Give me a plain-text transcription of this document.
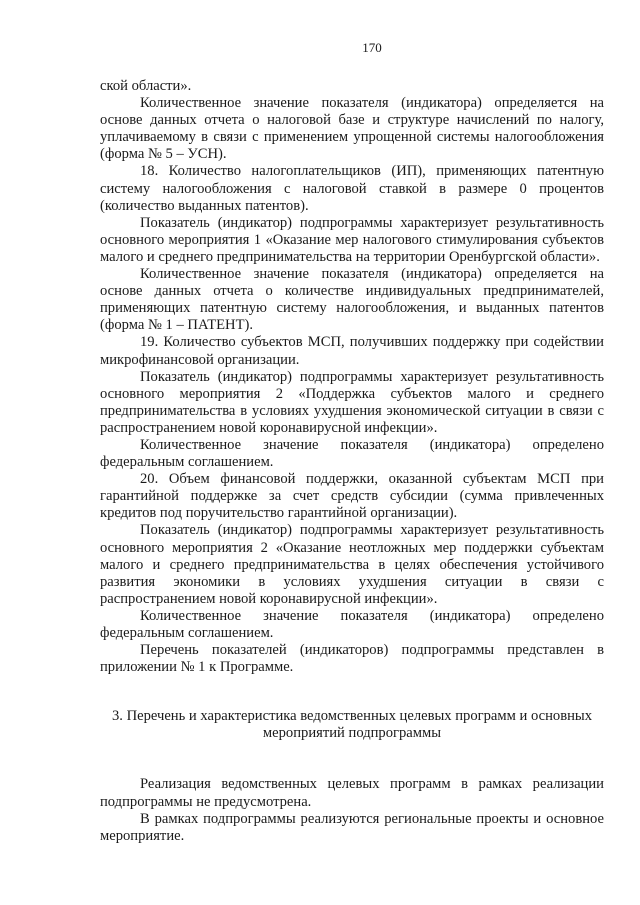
170

ской области».

Количественное значение показателя (индикатора) определяется на основе данных отчета о налоговой базе и структуре начислений по налогу, уплачиваемому в связи с применением упрощенной системы налогообложения (форма № 5 – УСН).

18. Количество налогоплательщиков (ИП), применяющих патентную систему налогообложения с налоговой ставкой в размере 0 процентов (количество выданных патентов).

Показатель (индикатор) подпрограммы характеризует результативность основного мероприятия 1 «Оказание мер налогового стимулирования субъектов малого и среднего предпринимательства на территории Оренбургской области».

Количественное значение показателя (индикатора) определяется на основе данных отчета о количестве индивидуальных предпринимателей, применяющих патентную систему налогообложения, и выданных патентов (форма № 1 – ПАТЕНТ).

19. Количество субъектов МСП, получивших поддержку при содействии микрофинансовой организации.

Показатель (индикатор) подпрограммы характеризует результативность основного мероприятия 2 «Поддержка субъектов малого и среднего предпринимательства в условиях ухудшения экономической ситуации в связи с распространением новой коронавирусной инфекции».

Количественное значение показателя (индикатора) определено федеральным соглашением.

20. Объем финансовой поддержки, оказанной субъектам МСП при гарантийной поддержке за счет средств субсидии (сумма привлеченных кредитов под поручительство гарантийной организации).

Показатель (индикатор) подпрограммы характеризует результативность основного мероприятия 2 «Оказание неотложных мер поддержки субъектам малого и среднего предпринимательства в целях обеспечения устойчивого развития экономики в условиях ухудшения ситуации в связи с распространением новой коронавирусной инфекции».

Количественное значение показателя (индикатора) определено федеральным соглашением.

Перечень показателей (индикаторов) подпрограммы представлен в приложении № 1 к Программе.

3. Перечень и характеристика ведомственных целевых программ и основных
мероприятий подпрограммы

Реализация ведомственных целевых программ в рамках реализации подпрограммы не предусмотрена.

В рамках подпрограммы реализуются региональные проекты и основное мероприятие.
